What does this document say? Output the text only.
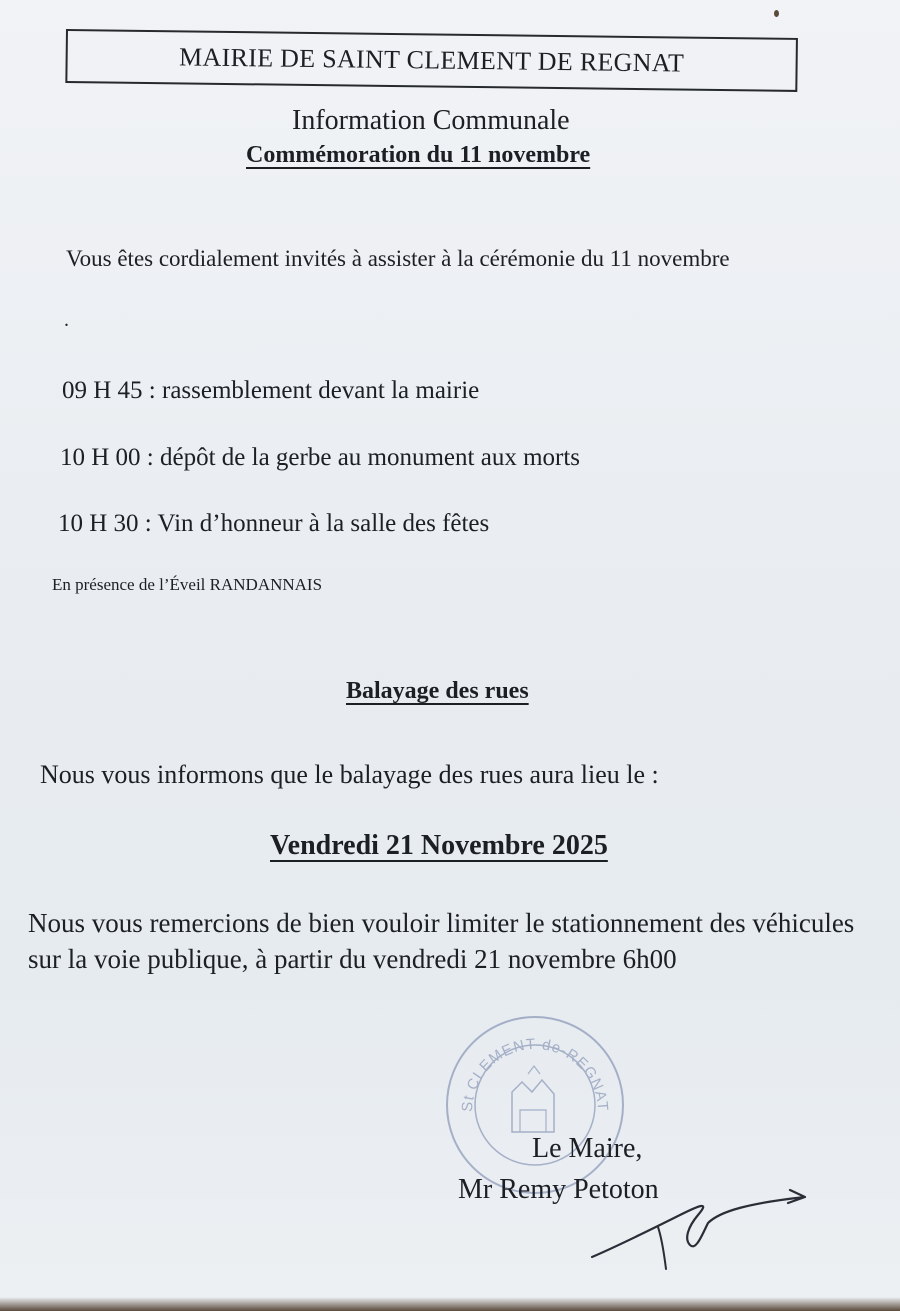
MAIRIE DE SAINT CLEMENT DE REGNAT
Information Communale
Commémoration du 11 novembre
Vous êtes cordialement invités à assister à la cérémonie du 11 novembre
.
09 H 45 : rassemblement devant la mairie
10 H 00 : dépôt de la gerbe au monument aux morts
10 H 30 : Vin d’honneur à la salle des fêtes
En présence de l’Éveil RANDANNAIS
Balayage des rues
Nous vous informons que le balayage des rues aura lieu le :
Vendredi 21 Novembre 2025
Nous vous remercions de bien vouloir limiter le stationnement des véhicules sur la voie publique, à partir du vendredi 21 novembre 6h00
St CLEMENT-de-REGNAT
Le Maire,
Mr Remy Petoton
